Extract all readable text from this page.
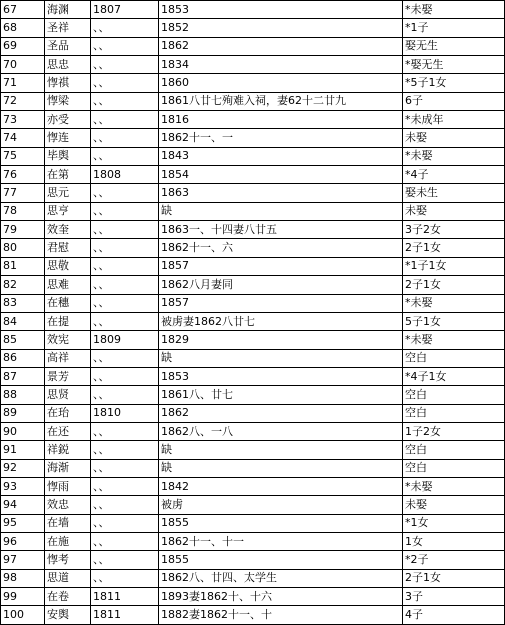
67	海渊	1807	1853	*未娶
68	圣祥	、、	1852	*1子
69	圣品	、、	1862	娶无生
70	思忠	、、	1834	*娶无生
71	惸祺	、、	1860	*5子1女
72	惸梁	、、	1861八廿七殉难入祠，妻62十二廿九	6子
73	亦受	、、	1816	*未成年
74	惸连	、、	1862十一、一	未娶
75	毕舆	、、	1843	*未娶
76	在第	1808	1854	*4子
77	思元	、、	1863	娶未生
78	思亨	、、	缺	未娶
79	效奎	、、	1863一、十四妻八廿五	3子2女
80	君慰	、、	1862十一、六	2子1女
81	思敬	、、	1857	*1子1女
82	思难	、、	1862八月妻同	2子1女
83	在穗	、、	1857	*未娶
84	在提	、、	被虏妻1862八廿七	5子1女
85	效宪	1809	1829	*未娶
86	高祥	、、	缺	空白
87	景芳	、、	1853	*4子1女
88	思贤	、、	1861八、廿七	空白
89	在珆	1810	1862	空白
90	在还	、、	1862八、一八	1子2女
91	祥鋭	、、	缺	空白
92	海渐	、、	缺	空白
93	惸雨	、、	1842	*未娶
94	效忠	、、	被虏	未娶
95	在墙	、、	1855	*1女
96	在施	、、	1862十一、十一	1女
97	惸考	、、	1855	*2子
98	思道	、、	1862八、廿四、太学生	2子1女
99	在卷	1811	1893妻1862十、十六	3子
100	安舆	1811	1882妻1862十一、十	4子
